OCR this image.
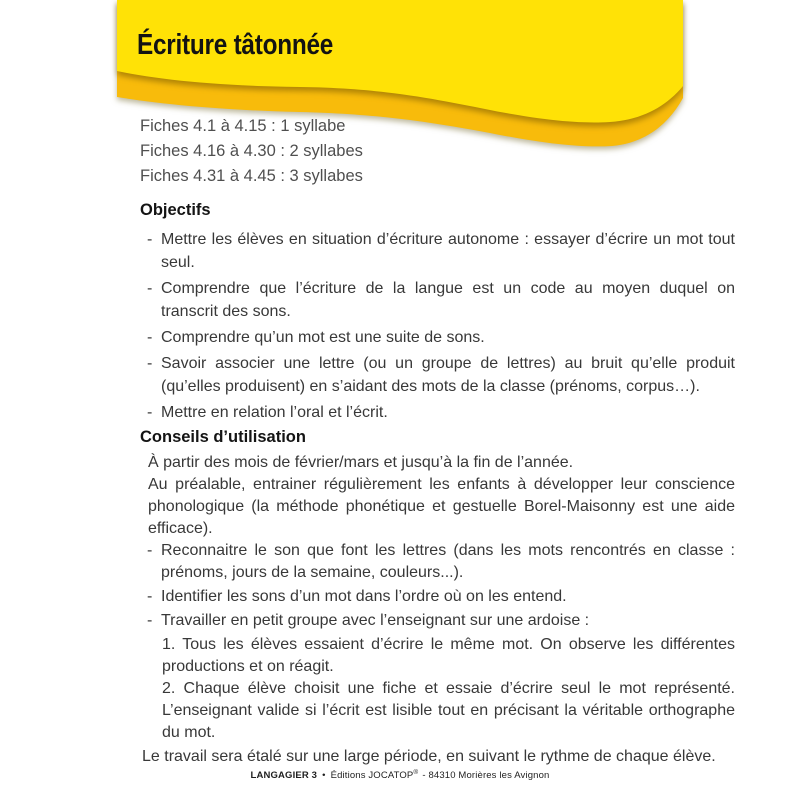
Écriture tâtonnée
Fiches 4.1 à 4.15 : 1 syllabe
Fiches 4.16 à 4.30 : 2 syllabes
Fiches 4.31 à 4.45 : 3 syllabes
Objectifs
- Mettre les élèves en situation d’écriture autonome : essayer d’écrire un mot tout seul.
- Comprendre que l’écriture de la langue est un code au moyen duquel on transcrit des sons.
- Comprendre qu’un mot est une suite de sons.
- Savoir associer une lettre (ou un groupe de lettres) au bruit qu’elle produit (qu’elles produisent) en s’aidant des mots de la classe (prénoms, corpus…).
- Mettre en relation l’oral et l’écrit.
Conseils d’utilisation

À partir des mois de février/mars et jusqu’à la fin de l’année.

Au préalable, entrainer régulièrement les enfants à développer leur conscience phonologique (la méthode phonétique et gestuelle Borel-Maisonny est une aide efficace).

- Reconnaitre le son que font les lettres (dans les mots rencontrés en classe : prénoms, jours de la semaine, couleurs...).
- Identifier les sons d’un mot dans l’ordre où on les entend.
- Travailler en petit groupe avec l’enseignant sur une ardoise :

1. Tous les élèves essaient d’écrire le même mot. On observe les différentes productions et on réagit.

2. Chaque élève choisit une fiche et essaie d’écrire seul le mot représenté. L’enseignant valide si l’écrit est lisible tout en précisant la véritable orthographe du mot.

Le travail sera étalé sur une large période, en suivant le rythme de chaque élève.

LANGAGIER 3 • Éditions JOCATOP® - 84310 Morières les Avignon
